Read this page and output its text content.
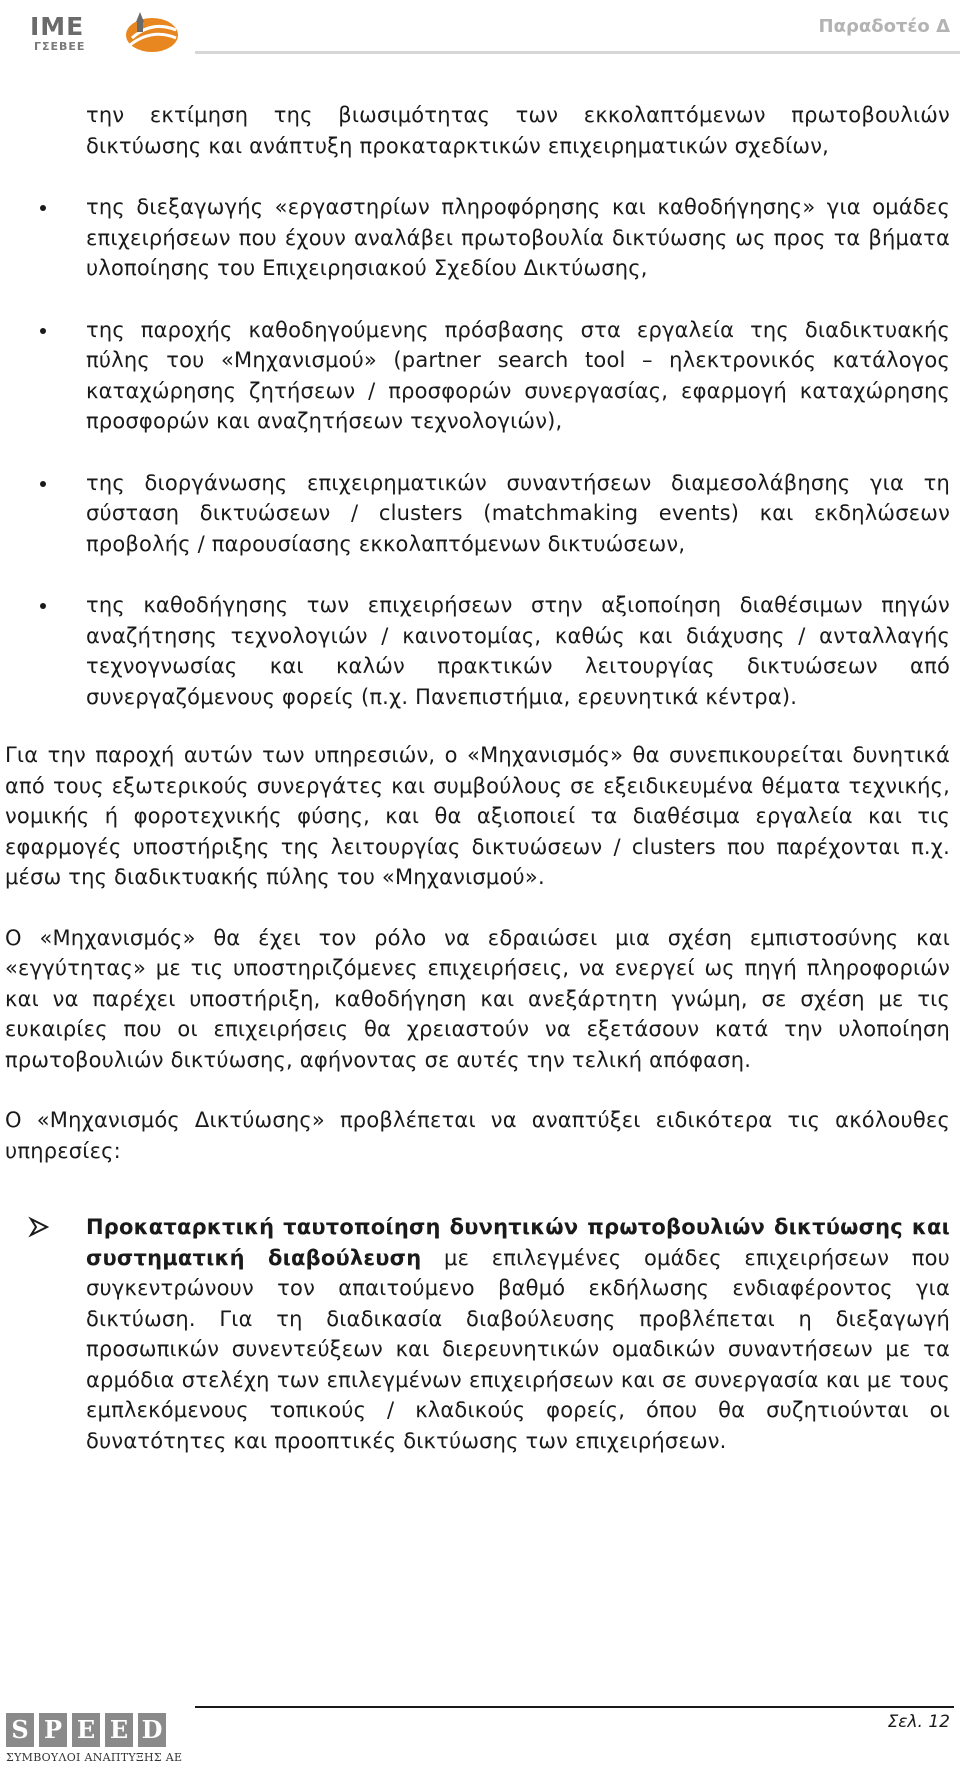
IME
ΓΣΕΒΕΕ
Παραδοτέο Δ

την εκτίμηση της βιωσιμότητας των εκκολαπτόμενων πρωτοβουλιών δικτύωσης και ανάπτυξη προκαταρκτικών επιχειρηματικών σχεδίων,

της διεξαγωγής «εργαστηρίων πληροφόρησης και καθοδήγησης» για ομάδες επιχειρήσεων που έχουν αναλάβει πρωτοβουλία δικτύωσης ως προς τα βήματα υλοποίησης του Επιχειρησιακού Σχεδίου Δικτύωσης,
της παροχής καθοδηγούμενης πρόσβασης στα εργαλεία της διαδικτυακής πύλης του «Μηχανισμού» (partner search tool – ηλεκτρονικός κατάλογος καταχώρησης ζητήσεων / προσφορών συνεργασίας, εφαρμογή καταχώρησης προσφορών και αναζητήσεων τεχνολογιών),
της διοργάνωσης επιχειρηματικών συναντήσεων διαμεσολάβησης για τη σύσταση δικτυώσεων / clusters (matchmaking events) και εκδηλώσεων προβολής / παρουσίασης εκκολαπτόμενων δικτυώσεων,
της καθοδήγησης των επιχειρήσεων στην αξιοποίηση διαθέσιμων πηγών αναζήτησης τεχνολογιών / καινοτομίας, καθώς και διάχυσης / ανταλλαγής τεχνογνωσίας και καλών πρακτικών λειτουργίας δικτυώσεων από συνεργαζόμενους φορείς (π.χ. Πανεπιστήμια, ερευνητικά κέντρα).

Για την παροχή αυτών των υπηρεσιών, ο «Μηχανισμός» θα συνεπικουρείται δυνητικά από τους εξωτερικούς συνεργάτες και συμβούλους σε εξειδικευμένα θέματα τεχνικής, νομικής ή φοροτεχνικής φύσης, και θα αξιοποιεί τα διαθέσιμα εργαλεία και τις εφαρμογές υποστήριξης της λειτουργίας δικτυώσεων / clusters που παρέχονται π.χ. μέσω της διαδικτυακής πύλης του «Μηχανισμού».

Ο «Μηχανισμός» θα έχει τον ρόλο να εδραιώσει μια σχέση εμπιστοσύνης και «εγγύτητας» με τις υποστηριζόμενες επιχειρήσεις, να ενεργεί ως πηγή πληροφοριών και να παρέχει υποστήριξη, καθοδήγηση και ανεξάρτητη γνώμη, σε σχέση με τις ευκαιρίες που οι επιχειρήσεις θα χρειαστούν να εξετάσουν κατά την υλοποίηση πρωτοβουλιών δικτύωσης, αφήνοντας σε αυτές την τελική απόφαση.

Ο «Μηχανισμός Δικτύωσης» προβλέπεται να αναπτύξει ειδικότερα τις ακόλουθες υπηρεσίες:

Προκαταρκτική ταυτοποίηση δυνητικών πρωτοβουλιών δικτύωσης και συστηματική διαβούλευση με επιλεγμένες ομάδες επιχειρήσεων που συγκεντρώνουν τον απαιτούμενο βαθμό εκδήλωσης ενδιαφέροντος για δικτύωση. Για τη διαδικασία διαβούλευσης προβλέπεται η διεξαγωγή προσωπικών συνεντεύξεων και διερευνητικών ομαδικών συναντήσεων με τα αρμόδια στελέχη των επιλεγμένων επιχειρήσεων και σε συνεργασία και με τους εμπλεκόμενους τοπικούς / κλαδικούς φορείς, όπου θα συζητιούνται οι δυνατότητες και προοπτικές δικτύωσης των επιχειρήσεων.
Σελ. 12
S P E E D
ΣΥΜΒΟΥΛΟΙ ΑΝΑΠΤΥΞΗΣ ΑΕ
